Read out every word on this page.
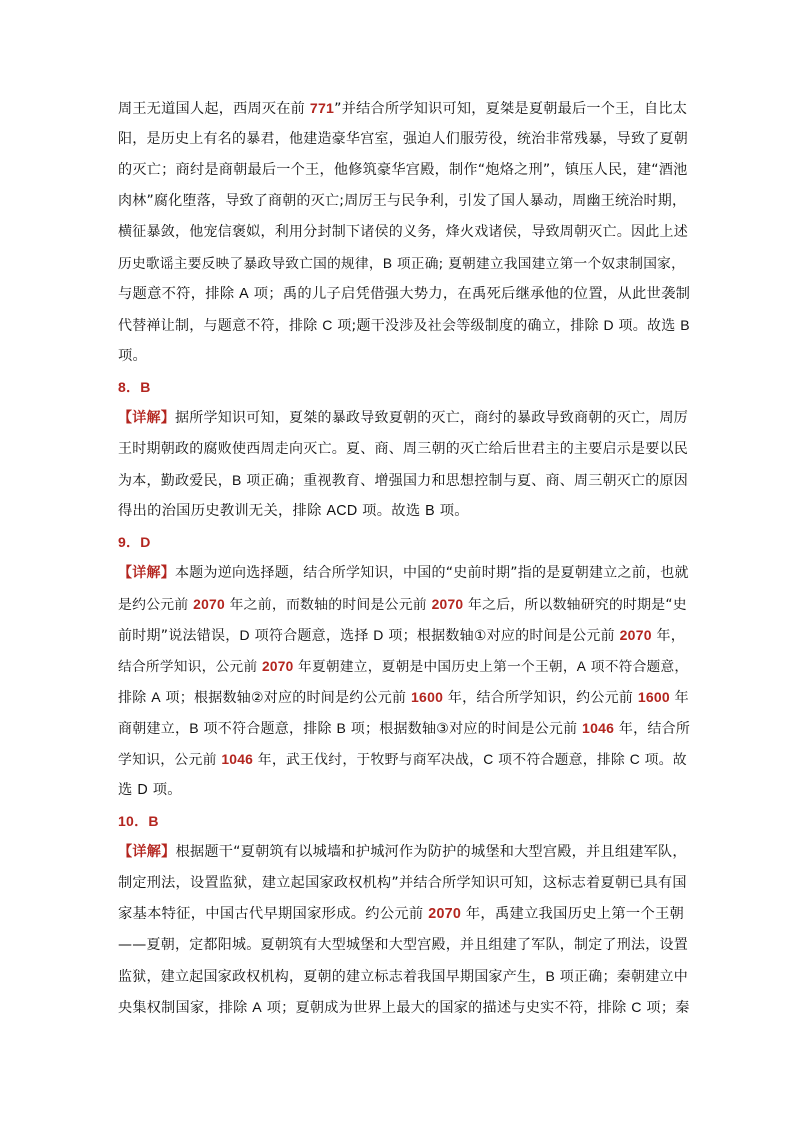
周王无道国人起，西周灭在前 771”并结合所学知识可知，夏桀是夏朝最后一个王，自比太
阳，是历史上有名的暴君，他建造豪华宫室，强迫人们服劳役，统治非常残暴，导致了夏朝
的灭亡；商纣是商朝最后一个王，他修筑豪华宫殿，制作“炮烙之刑”，镇压人民，建“酒池
肉林”腐化堕落，导致了商朝的灭亡;周厉王与民争利，引发了国人暴动，周幽王统治时期，
横征暴敛，他宠信褒姒，利用分封制下诸侯的义务，烽火戏诸侯，导致周朝灭亡。因此上述
历史歌谣主要反映了暴政导致亡国的规律，B 项正确; 夏朝建立我国建立第一个奴隶制国家，
与题意不符，排除 A 项；禹的儿子启凭借强大势力，在禹死后继承他的位置，从此世袭制
代替禅让制，与题意不符，排除 C 项;题干没涉及社会等级制度的确立，排除 D 项。故选 B
项。
8．B
【详解】据所学知识可知，夏桀的暴政导致夏朝的灭亡，商纣的暴政导致商朝的灭亡，周厉
王时期朝政的腐败使西周走向灭亡。夏、商、周三朝的灭亡给后世君主的主要启示是要以民
为本，勤政爱民，B 项正确；重视教育、增强国力和思想控制与夏、商、周三朝灭亡的原因
得出的治国历史教训无关，排除 ACD 项。故选 B 项。
9．D
【详解】本题为逆向选择题，结合所学知识，中国的“史前时期”指的是夏朝建立之前，也就
是约公元前 2070 年之前，而数轴的时间是公元前 2070 年之后，所以数轴研究的时期是“史
前时期”说法错误，D 项符合题意，选择 D 项；根据数轴①对应的时间是公元前 2070 年，
结合所学知识，公元前 2070 年夏朝建立，夏朝是中国历史上第一个王朝，A 项不符合题意，
排除 A 项；根据数轴②对应的时间是约公元前 1600 年，结合所学知识，约公元前 1600 年
商朝建立，B 项不符合题意，排除 B 项；根据数轴③对应的时间是公元前 1046 年，结合所
学知识，公元前 1046 年，武王伐纣，于牧野与商军决战，C 项不符合题意，排除 C 项。故
选 D 项。
10．B
【详解】根据题干“夏朝筑有以城墙和护城河作为防护的城堡和大型宫殿，并且组建军队，
制定刑法，设置监狱，建立起国家政权机构”并结合所学知识可知，这标志着夏朝已具有国
家基本特征，中国古代早期国家形成。约公元前 2070 年，禹建立我国历史上第一个王朝
——夏朝，定都阳城。夏朝筑有大型城堡和大型宫殿，并且组建了军队，制定了刑法，设置
监狱，建立起国家政权机构，夏朝的建立标志着我国早期国家产生，B 项正确；秦朝建立中
央集权制国家，排除 A 项；夏朝成为世界上最大的国家的描述与史实不符，排除 C 项；秦
